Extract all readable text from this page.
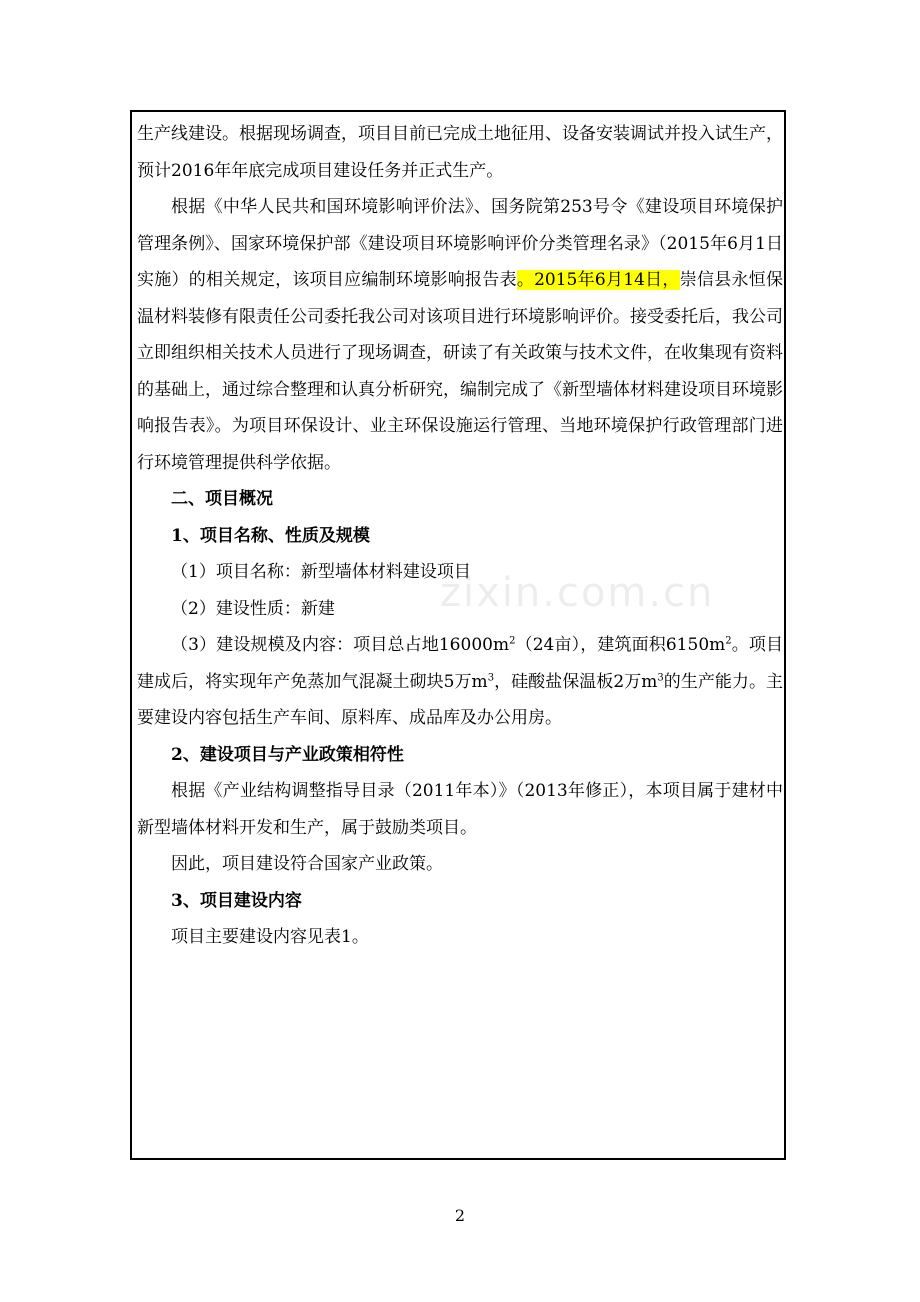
生产线建设。根据现场调查，项目目前已完成土地征用、设备安装调试并投入试生产，预计2016年年底完成项目建设任务并正式生产。

根据《中华人民共和国环境影响评价法》、国务院第253号令《建设项目环境保护管理条例》、国家环境保护部《建设项目环境影响评价分类管理名录》（2015年6月1日实施）的相关规定，该项目应编制环境影响报告表。2015年6月14日，崇信县永恒保温材料装修有限责任公司委托我公司对该项目进行环境影响评价。接受委托后，我公司立即组织相关技术人员进行了现场调查，研读了有关政策与技术文件，在收集现有资料的基础上，通过综合整理和认真分析研究，编制完成了《新型墙体材料建设项目环境影响报告表》。为项目环保设计、业主环保设施运行管理、当地环境保护行政管理部门进行环境管理提供科学依据。

二、项目概况

1、项目名称、性质及规模

（1）项目名称：新型墙体材料建设项目

（2）建设性质：新建

（3）建设规模及内容：项目总占地$16000m^2(24$亩），建筑面积$6150m^2$。项目建成后，将实现年产免蒸加气混凝土砌块5万$m^3$，硅酸盐保温板2万$m^3$的生产能力。主要建设内容包括生产车间、原料库、成品库及办公用房。

2、建设项目与产业政策相符性

根据《产业结构调整指导目录（2011年本）》（2013年修正），本项目属于建材中新型墙体材料开发和生产，属于鼓励类项目。

因此，项目建设符合国家产业政策。

3、项目建设内容

项目主要建设内容见表1。

zixin.com.cn
2
